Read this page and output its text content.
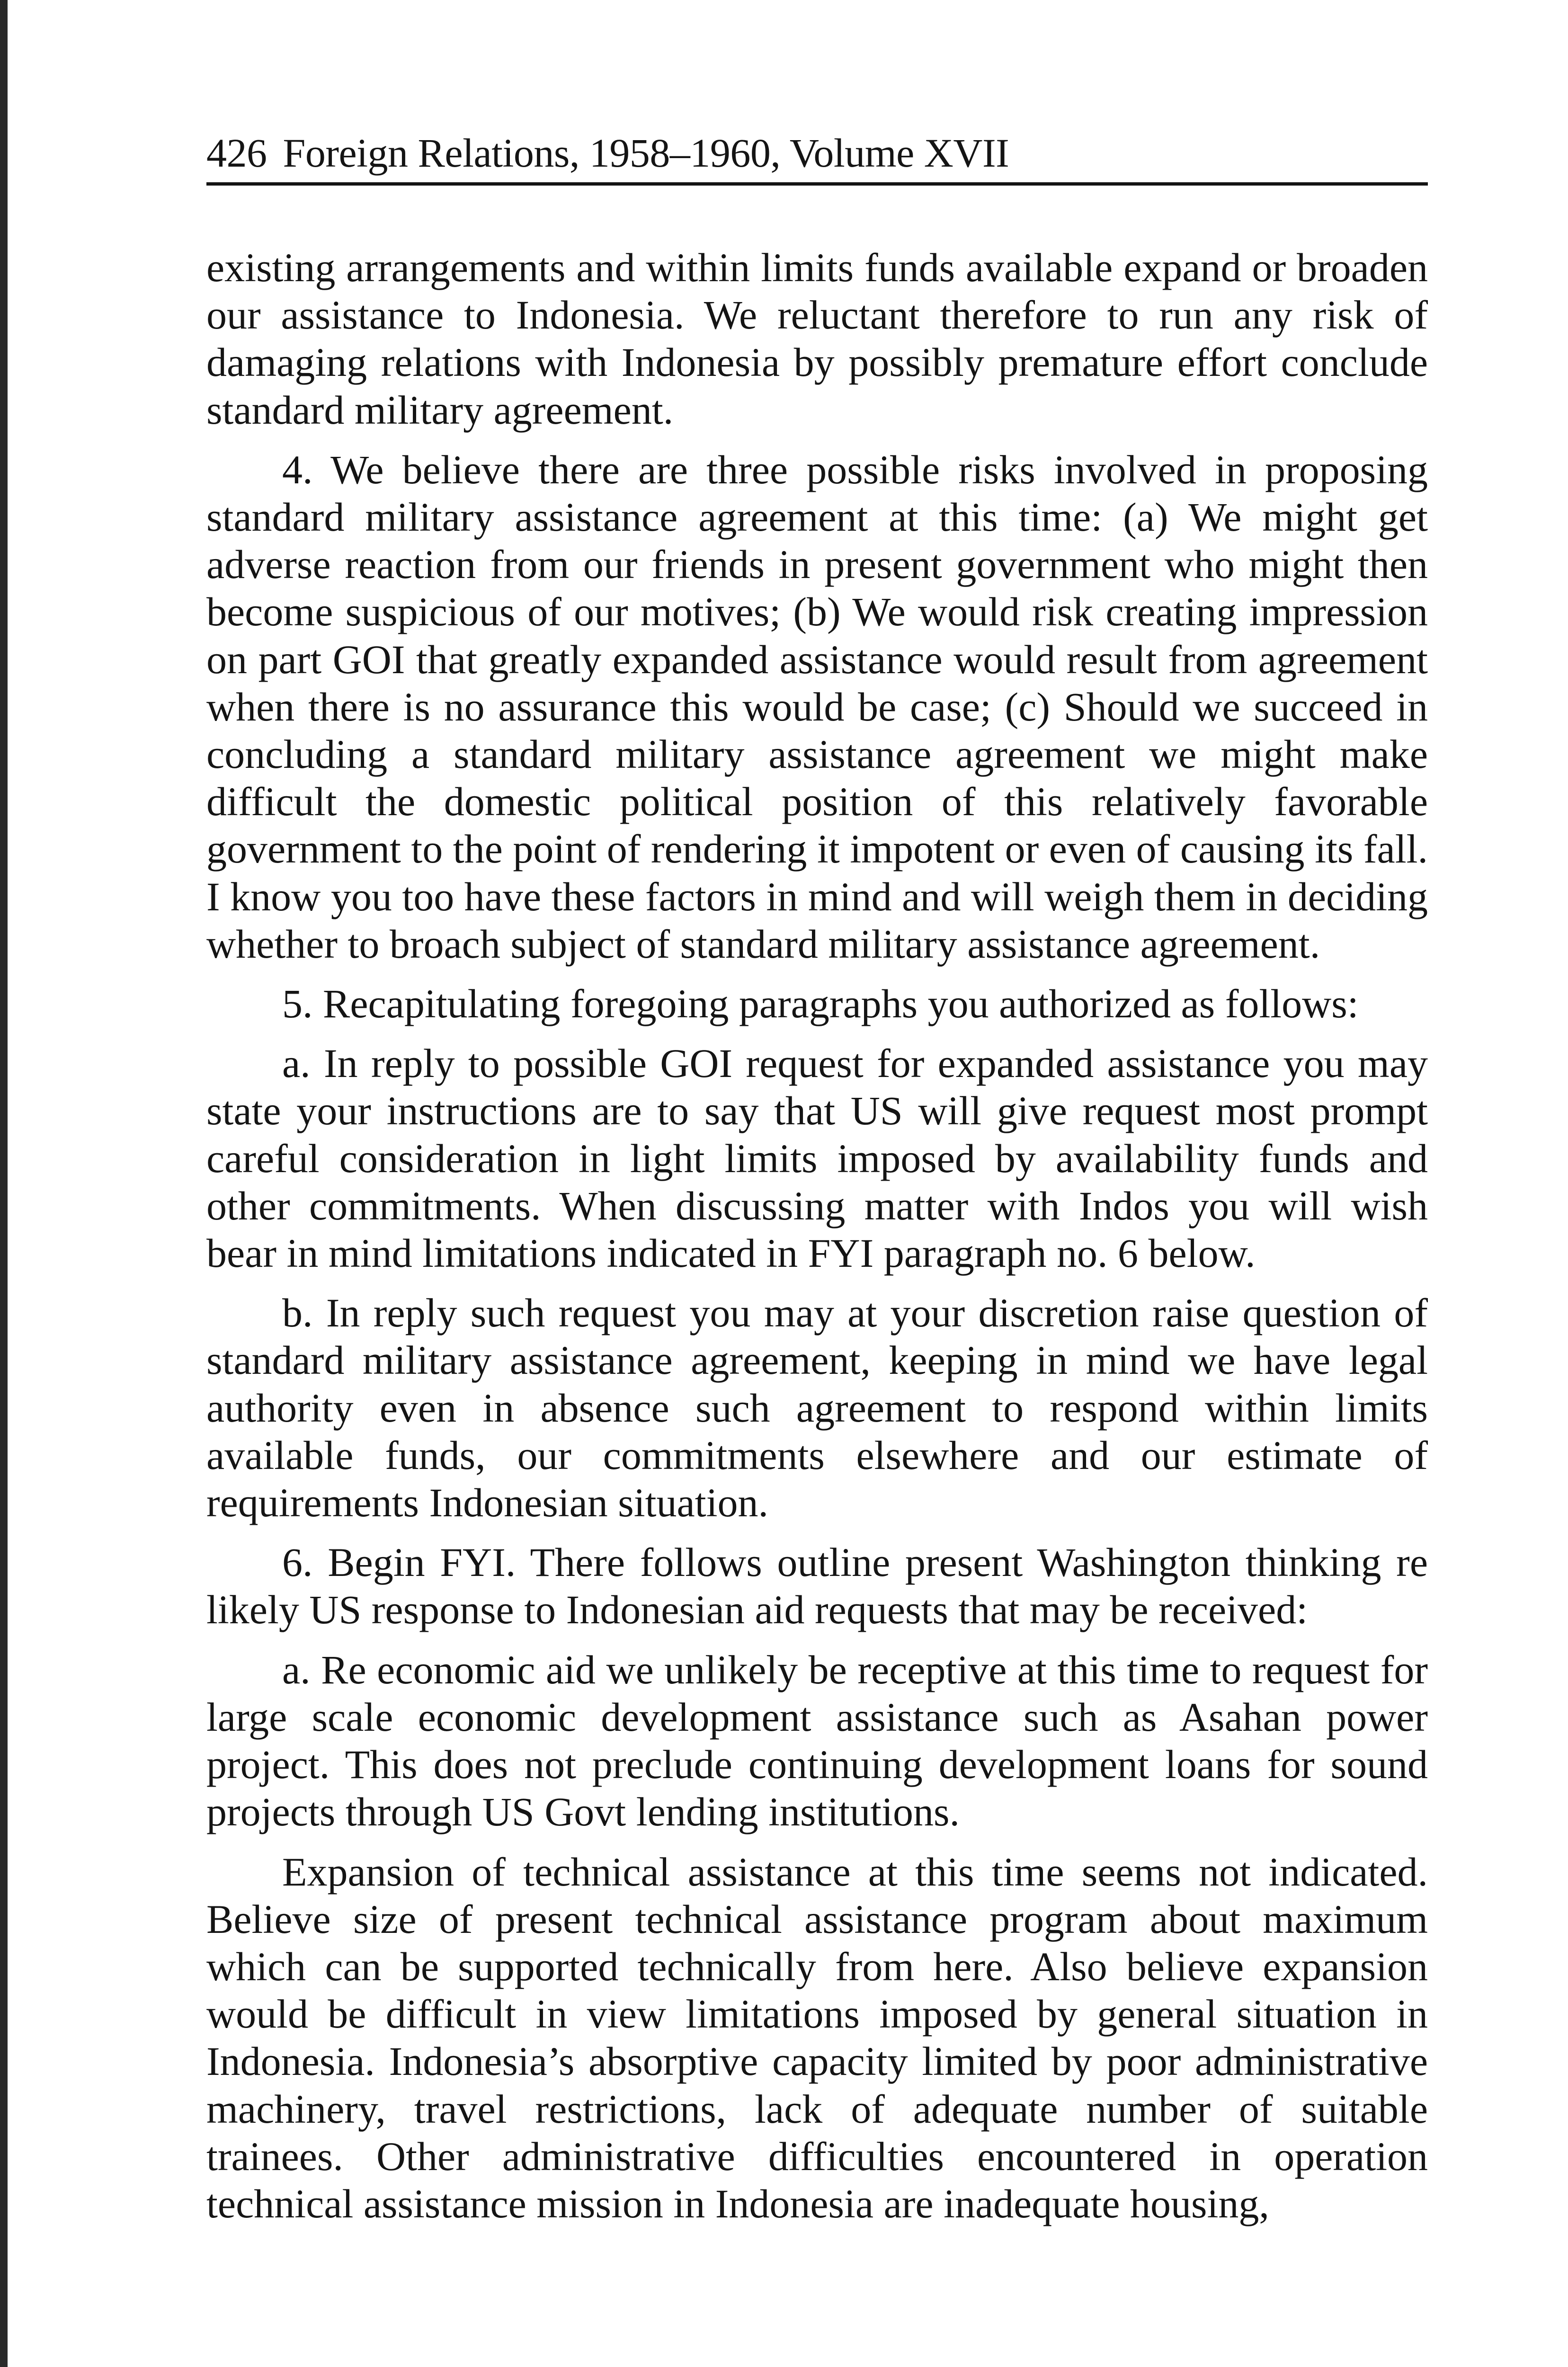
426 Foreign Relations, 1958–1960, Volume XVII

existing arrangements and within limits funds available expand or broaden our assistance to Indonesia. We reluctant therefore to run any risk of damaging relations with Indonesia by possibly premature effort conclude standard military agreement.

4. We believe there are three possible risks involved in proposing standard military assistance agreement at this time: (a) We might get adverse reaction from our friends in present government who might then become suspicious of our motives; (b) We would risk creating impression on part GOI that greatly expanded assistance would result from agreement when there is no assurance this would be case; (c) Should we succeed in concluding a standard military assistance agreement we might make difficult the domestic political position of this relatively favorable government to the point of rendering it impotent or even of causing its fall. I know you too have these factors in mind and will weigh them in deciding whether to broach subject of standard military assistance agreement.

5. Recapitulating foregoing paragraphs you authorized as follows:

a. In reply to possible GOI request for expanded assistance you may state your instructions are to say that US will give request most prompt careful consideration in light limits imposed by availability funds and other commitments. When discussing matter with Indos you will wish bear in mind limitations indicated in FYI paragraph no. 6 below.

b. In reply such request you may at your discretion raise question of standard military assistance agreement, keeping in mind we have legal authority even in absence such agreement to respond within limits available funds, our commitments elsewhere and our estimate of requirements Indonesian situation.

6. Begin FYI. There follows outline present Washington thinking re likely US response to Indonesian aid requests that may be received:

a. Re economic aid we unlikely be receptive at this time to request for large scale economic development assistance such as Asahan power project. This does not preclude continuing development loans for sound projects through US Govt lending institutions.

Expansion of technical assistance at this time seems not indicated. Believe size of present technical assistance program about maximum which can be supported technically from here. Also believe expansion would be difficult in view limitations imposed by general situation in Indonesia. Indonesia’s absorptive capacity limited by poor administrative machinery, travel restrictions, lack of adequate number of suitable trainees. Other administrative difficulties encountered in operation technical assistance mission in Indonesia are inadequate housing,
